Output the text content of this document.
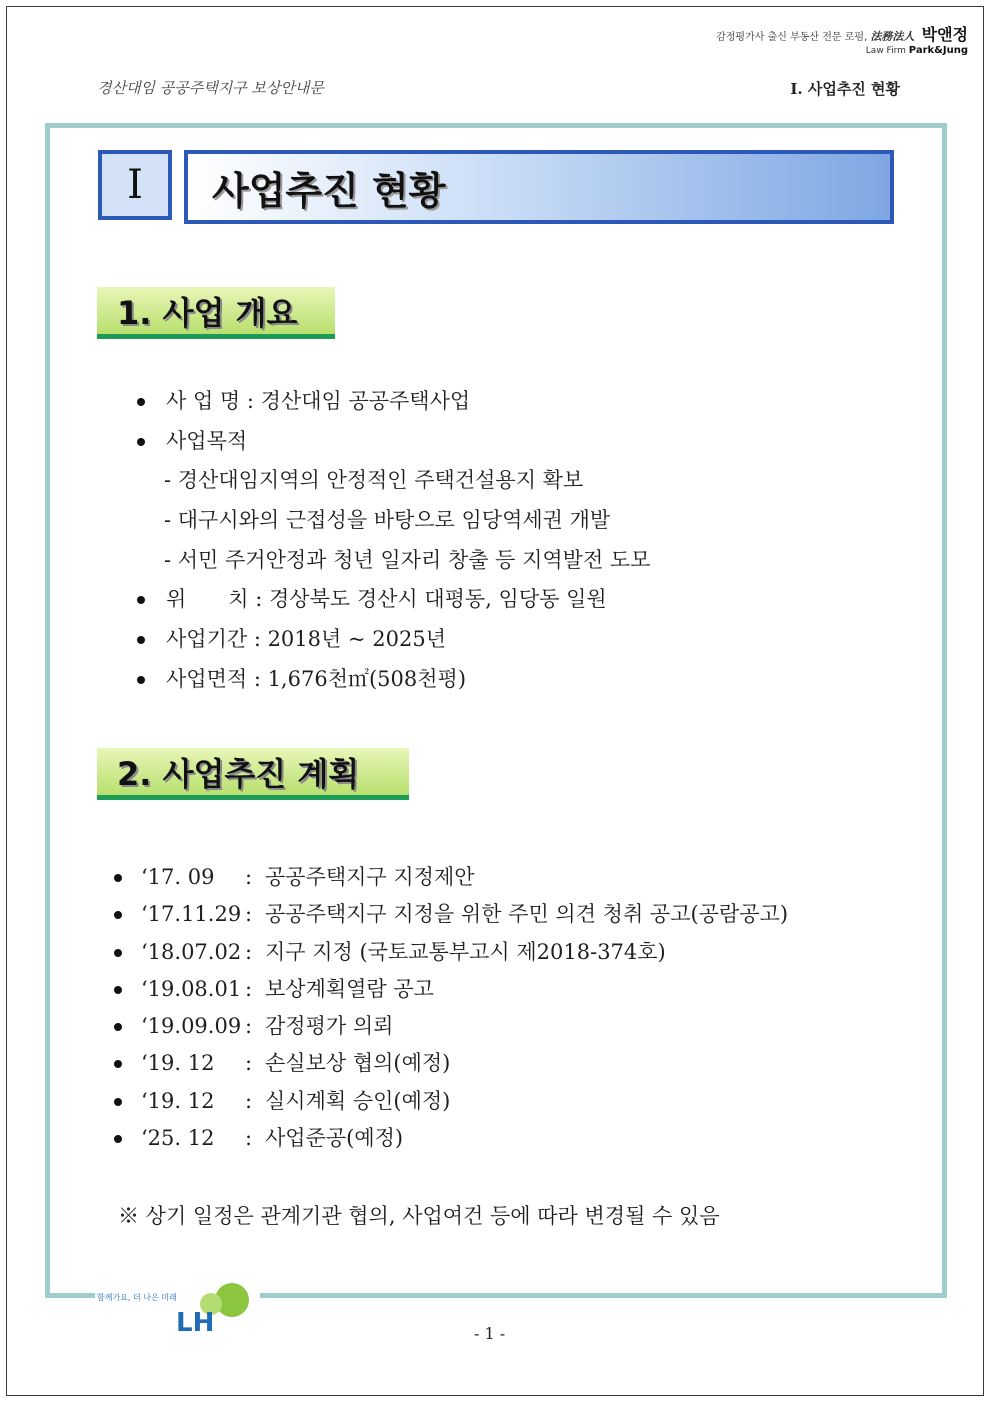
감정평가사 출신 부동산 전문 로펌, 法務法人 박앤정
Law Firm Park&Jung
경산대임 공공주택지구 보상안내문	Ⅰ. 사업추진 현황
Ⅰ	사업추진 현황
1. 사업 개요
사 업 명 : 경산대임 공공주택사업
사업목적
- 경산대임지역의 안정적인 주택건설용지 확보
- 대구시와의 근접성을 바탕으로 임당역세권 개발
- 서민 주거안정과 청년 일자리 창출 등 지역발전 도모
위　　치 : 경상북도 경산시 대평동, 임당동 일원
사업기간 : 2018년 ~ 2025년
사업면적 : 1,676천㎡(508천평)
2. 사업추진 계획
‘17. 09 : 공공주택지구 지정제안
‘17.11.29 : 공공주택지구 지정을 위한 주민 의견 청취 공고(공람공고)
‘18.07.02 : 지구 지정 (국토교통부고시 제2018-374호)
‘19.08.01 : 보상계획열람 공고
‘19.09.09 : 감정평가 의뢰
‘19. 12 : 손실보상 협의(예정)
‘19. 12 : 실시계획 승인(예정)
‘25. 12 : 사업준공(예정)
※ 상기 일정은 관계기관 협의, 사업여건 등에 따라 변경될 수 있음
함께가요, 더 나은 미래
LH	- 1 -
